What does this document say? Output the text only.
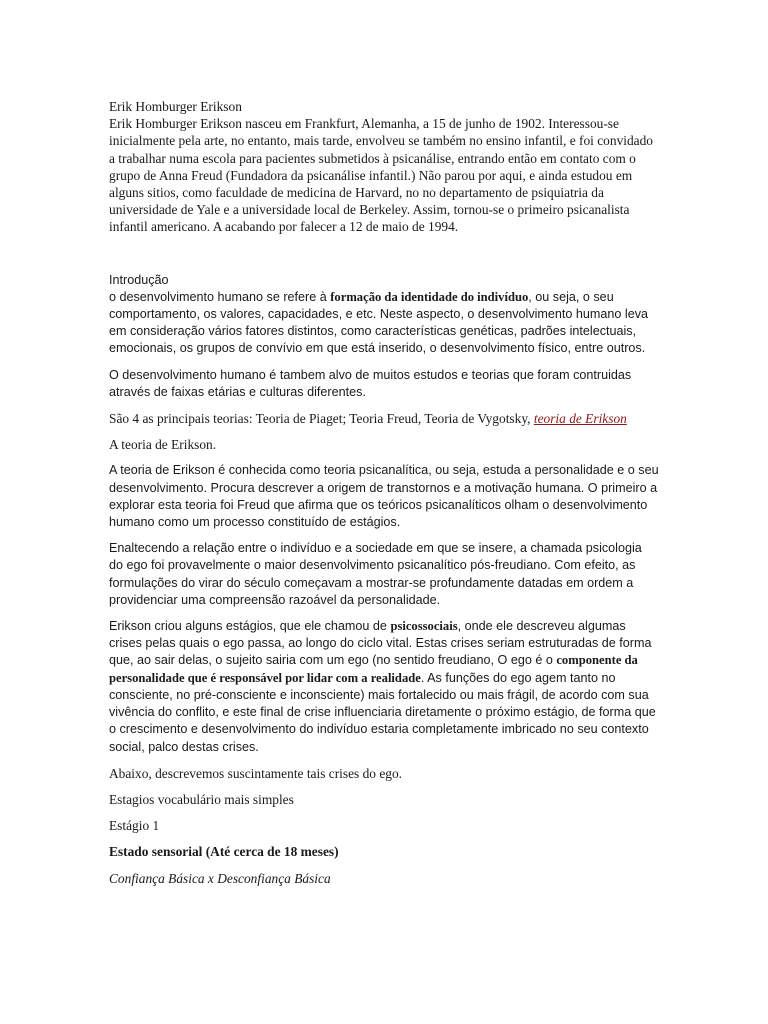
Erik Homburger Erikson

Erik Homburger Erikson nasceu em Frankfurt, Alemanha, a 15 de junho de 1902. Interessou-se inicialmente pela arte, no entanto, mais tarde, envolveu se também no ensino infantil, e foi convidado a trabalhar numa escola para pacientes submetidos à psicanálise, entrando então em contato com o grupo de Anna Freud (Fundadora da psicanálise infantil.) Não parou por aqui, e ainda estudou em alguns sitios, como faculdade de medicina de Harvard, no no departamento de psiquiatria da universidade de Yale e a universidade local de Berkeley. Assim, tornou-se o primeiro psicanalista infantil americano. A acabando por falecer a 12 de maio de 1994.

Introdução

o desenvolvimento humano se refere à formação da identidade do indivíduo, ou seja, o seu comportamento, os valores, capacidades, e etc. Neste aspecto, o desenvolvimento humano leva em consideração vários fatores distintos, como características genéticas, padrões intelectuais, emocionais, os grupos de convívio em que está inserido, o desenvolvimento físico, entre outros.

O desenvolvimento humano é tambem alvo de muitos estudos e teorias que foram contruidas através de faixas etárias e culturas diferentes.

São 4 as principais teorias: Teoria de Piaget; Teoria Freud, Teoria de Vygotsky, teoria de Erikson

A teoria de Erikson.

A teoria de Erikson é conhecida como teoria psicanalítica, ou seja, estuda a personalidade e o seu desenvolvimento. Procura descrever a origem de transtornos e a motivação humana. O primeiro a explorar esta teoria foi Freud que afirma que os teóricos psicanalíticos olham o desenvolvimento humano como um processo constituído de estágios.

Enaltecendo a relação entre o indivíduo e a sociedade em que se insere, a chamada psicologia do ego foi provavelmente o maior desenvolvimento psicanalítico pós-freudiano. Com efeito, as formulações do virar do século começavam a mostrar-se profundamente datadas em ordem a providenciar uma compreensão razoável da personalidade.

Erikson criou alguns estágios, que ele chamou de psicossociais, onde ele descreveu algumas crises pelas quais o ego passa, ao longo do ciclo vital. Estas crises seriam estruturadas de forma que, ao sair delas, o sujeito sairia com um ego (no sentido freudiano, O ego é o componente da personalidade que é responsável por lidar com a realidade. As funções do ego agem tanto no consciente, no pré-consciente e inconsciente) mais fortalecido ou mais frágil, de acordo com sua vivência do conflito, e este final de crise influenciaria diretamente o próximo estágio, de forma que o crescimento e desenvolvimento do indivíduo estaria completamente imbricado no seu contexto social, palco destas crises.

Abaixo, descrevemos suscintamente tais crises do ego.

Estagios vocabulário mais simples

Estágio 1

Estado sensorial (Até cerca de 18 meses)

Confiança Básica x Desconfiança Básica
